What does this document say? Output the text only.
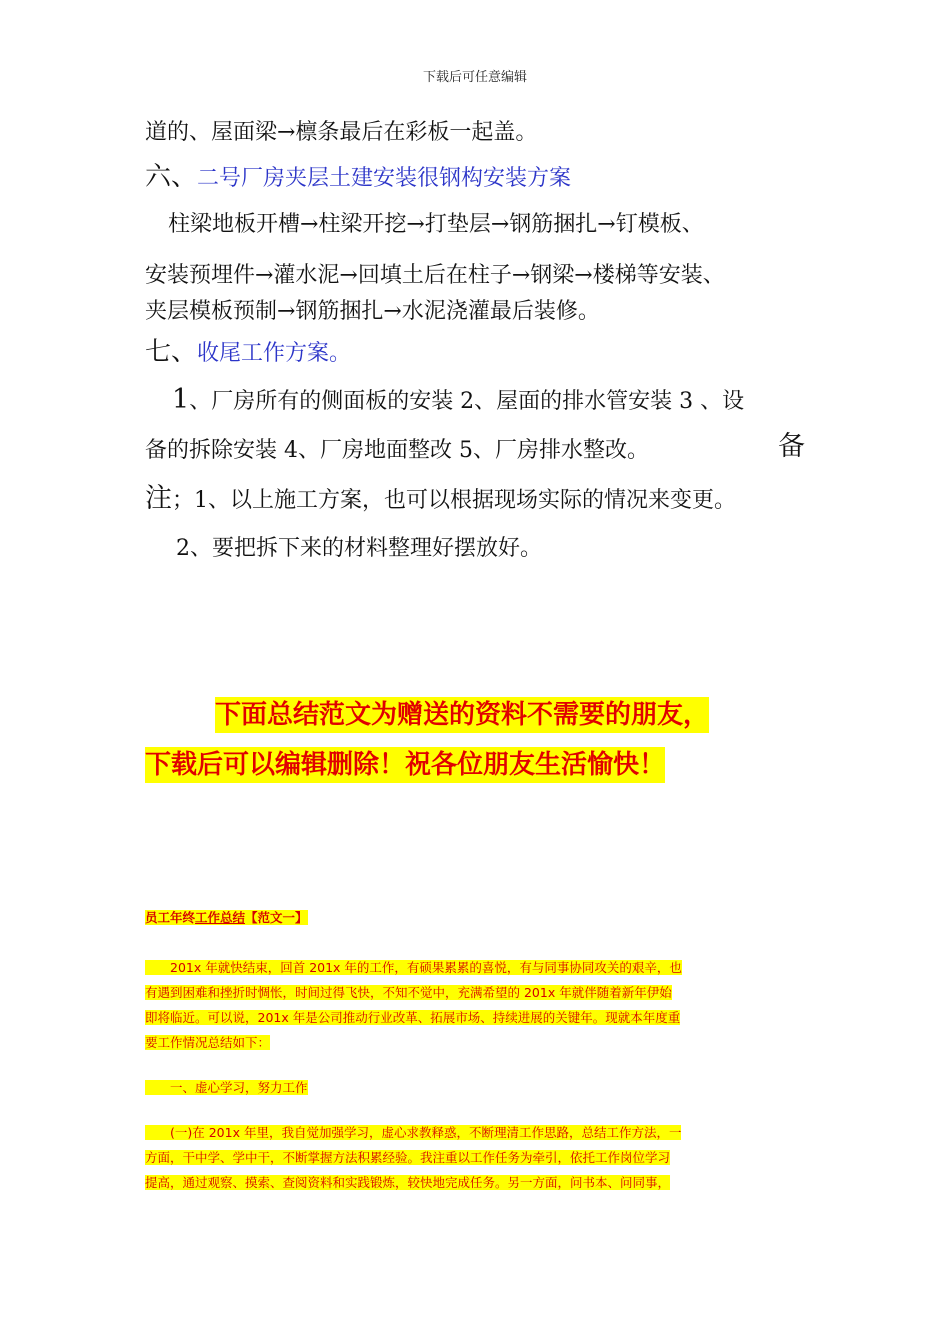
下载后可任意编辑
道的、屋面梁→檩条最后在彩板一起盖。
六、二号厂房夹层土建安装很钢构安装方案
柱梁地板开槽→柱梁开挖→打垫层→钢筋捆扎→钉模板、
安装预埋件→灌水泥→回填土后在柱子→钢梁→楼梯等安装、
夹层模板预制→钢筋捆扎→水泥浇灌最后装修。
七、收尾工作方案。
1、厂房所有的侧面板的安装 2、屋面的排水管安装 3 、设
备的拆除安装 4、厂房地面整改 5、厂房排水整改。	备
注；1、以上施工方案，也可以根据现场实际的情况来变更。
2、要把拆下来的材料整理好摆放好。
下面总结范文为赠送的资料不需要的朋友，
下载后可以编辑删除！祝各位朋友生活愉快！
员工年终工作总结【范文一】
　　201x 年就快结束，回首 201x 年的工作，有硕果累累的喜悦，有与同事协同攻关的艰辛，也
有遇到困难和挫折时惆怅，时间过得飞快，不知不觉中，充满希望的 201x 年就伴随着新年伊始
即将临近。可以说，201x 年是公司推动行业改革、拓展市场、持续进展的关键年。现就本年度重
要工作情况总结如下：
　　一、虚心学习，努力工作
　　(一)在 201x 年里，我自觉加强学习，虚心求教释惑，不断理清工作思路，总结工作方法，一
方面，干中学、学中干，不断掌握方法积累经验。我注重以工作任务为牵引，依托工作岗位学习
提高，通过观察、摸索、查阅资料和实践锻炼，较快地完成任务。另一方面，问书本、问同事，
